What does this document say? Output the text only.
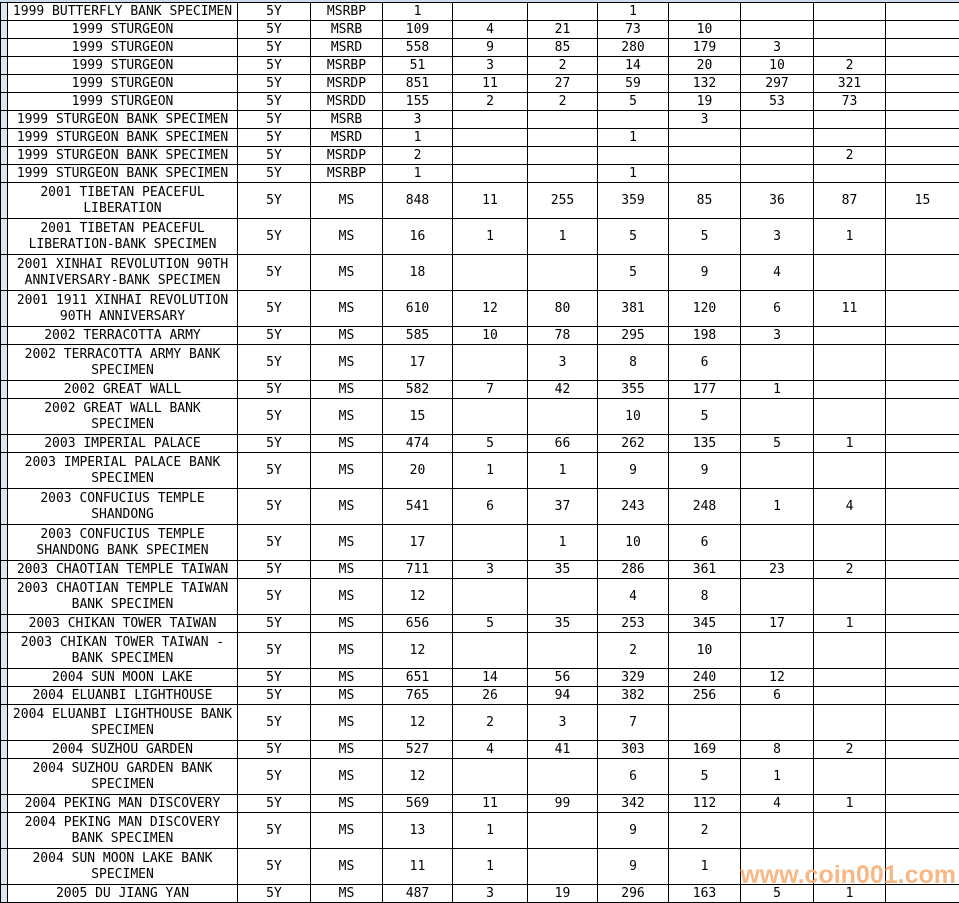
	1999 BUTTERFLY BANK SPECIMEN	5Y	MSRBP	1			1				
	1999 STURGEON	5Y	MSRB	109	4	21	73	10			
	1999 STURGEON	5Y	MSRD	558	9	85	280	179	3		
	1999 STURGEON	5Y	MSRBP	51	3	2	14	20	10	2	
	1999 STURGEON	5Y	MSRDP	851	11	27	59	132	297	321	
	1999 STURGEON	5Y	MSRDD	155	2	2	5	19	53	73	
	1999 STURGEON BANK SPECIMEN	5Y	MSRB	3				3			
	1999 STURGEON BANK SPECIMEN	5Y	MSRD	1			1				
	1999 STURGEON BANK SPECIMEN	5Y	MSRDP	2						2	
	1999 STURGEON BANK SPECIMEN	5Y	MSRBP	1			1				
	2001 TIBETAN PEACEFUL LIBERATION	5Y	MS	848	11	255	359	85	36	87	15
	2001 TIBETAN PEACEFUL LIBERATION-BANK SPECIMEN	5Y	MS	16	1	1	5	5	3	1	
	2001 XINHAI REVOLUTION 90TH ANNIVERSARY-BANK SPECIMEN	5Y	MS	18			5	9	4		
	2001 1911 XINHAI REVOLUTION 90TH ANNIVERSARY	5Y	MS	610	12	80	381	120	6	11	
	2002 TERRACOTTA ARMY	5Y	MS	585	10	78	295	198	3		
	2002 TERRACOTTA ARMY BANK SPECIMEN	5Y	MS	17		3	8	6			
	2002 GREAT WALL	5Y	MS	582	7	42	355	177	1		
	2002 GREAT WALL BANK SPECIMEN	5Y	MS	15			10	5			
	2003 IMPERIAL PALACE	5Y	MS	474	5	66	262	135	5	1	
	2003 IMPERIAL PALACE BANK SPECIMEN	5Y	MS	20	1	1	9	9			
	2003 CONFUCIUS TEMPLE SHANDONG	5Y	MS	541	6	37	243	248	1	4	
	2003 CONFUCIUS TEMPLE SHANDONG BANK SPECIMEN	5Y	MS	17		1	10	6			
	2003 CHAOTIAN TEMPLE TAIWAN	5Y	MS	711	3	35	286	361	23	2	
	2003 CHAOTIAN TEMPLE TAIWAN BANK SPECIMEN	5Y	MS	12			4	8			
	2003 CHIKAN TOWER TAIWAN	5Y	MS	656	5	35	253	345	17	1	
	2003 CHIKAN TOWER TAIWAN - BANK SPECIMEN	5Y	MS	12			2	10			
	2004 SUN MOON LAKE	5Y	MS	651	14	56	329	240	12		
	2004 ELUANBI LIGHTHOUSE	5Y	MS	765	26	94	382	256	6		
	2004 ELUANBI LIGHTHOUSE BANK SPECIMEN	5Y	MS	12	2	3	7				
	2004 SUZHOU GARDEN	5Y	MS	527	4	41	303	169	8	2	
	2004 SUZHOU GARDEN BANK SPECIMEN	5Y	MS	12			6	5	1		
	2004 PEKING MAN DISCOVERY	5Y	MS	569	11	99	342	112	4	1	
	2004 PEKING MAN DISCOVERY BANK SPECIMEN	5Y	MS	13	1		9	2			
	2004 SUN MOON LAKE BANK SPECIMEN	5Y	MS	11	1		9	1			
	2005 DU JIANG YAN	5Y	MS	487	3	19	296	163	5	1	
www.coin001.com
